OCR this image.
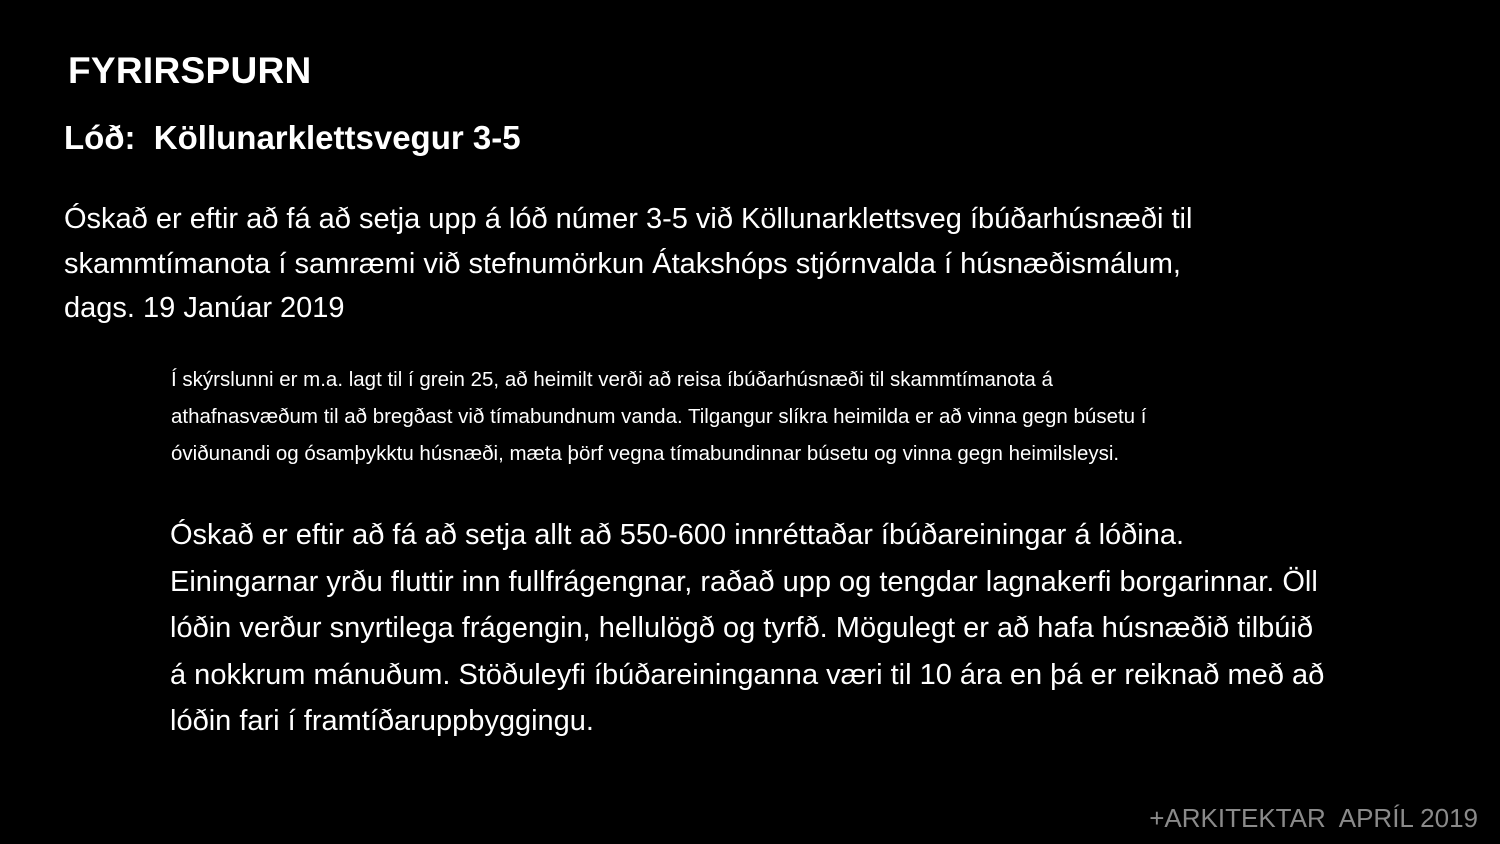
FYRIRSPURN
Lóð:  Köllunarklettsvegur 3-5

Óskað er eftir að fá að setja upp á lóð númer 3-5 við Köllunarklettsveg íbúðarhúsnæði til
skammtímanota í samræmi við stefnumörkun Átakshóps stjórnvalda í húsnæðismálum,
dags. 19 Janúar 2019

Í skýrslunni er m.a. lagt til í grein 25, að heimilt verði að reisa íbúðarhúsnæði til skammtímanota á
athafnasvæðum til að bregðast við tímabundnum vanda. Tilgangur slíkra heimilda er að vinna gegn búsetu í
óviðunandi og ósamþykktu húsnæði, mæta þörf vegna tímabundinnar búsetu og vinna gegn heimilsleysi.

Óskað er eftir að fá að setja allt að 550-600 innréttaðar íbúðareiningar á lóðina.
Einingarnar yrðu fluttir inn fullfrágengnar, raðað upp og tengdar lagnakerfi borgarinnar. Öll
lóðin verður snyrtilega frágengin, hellulögð og tyrfð. Mögulegt er að hafa húsnæðið tilbúið
á nokkrum mánuðum. Stöðuleyfi íbúðareininganna væri til 10 ára en þá er reiknað með að
lóðin fari í framtíðaruppbyggingu.

+ARKITEKTAR  APRÍL 2019
